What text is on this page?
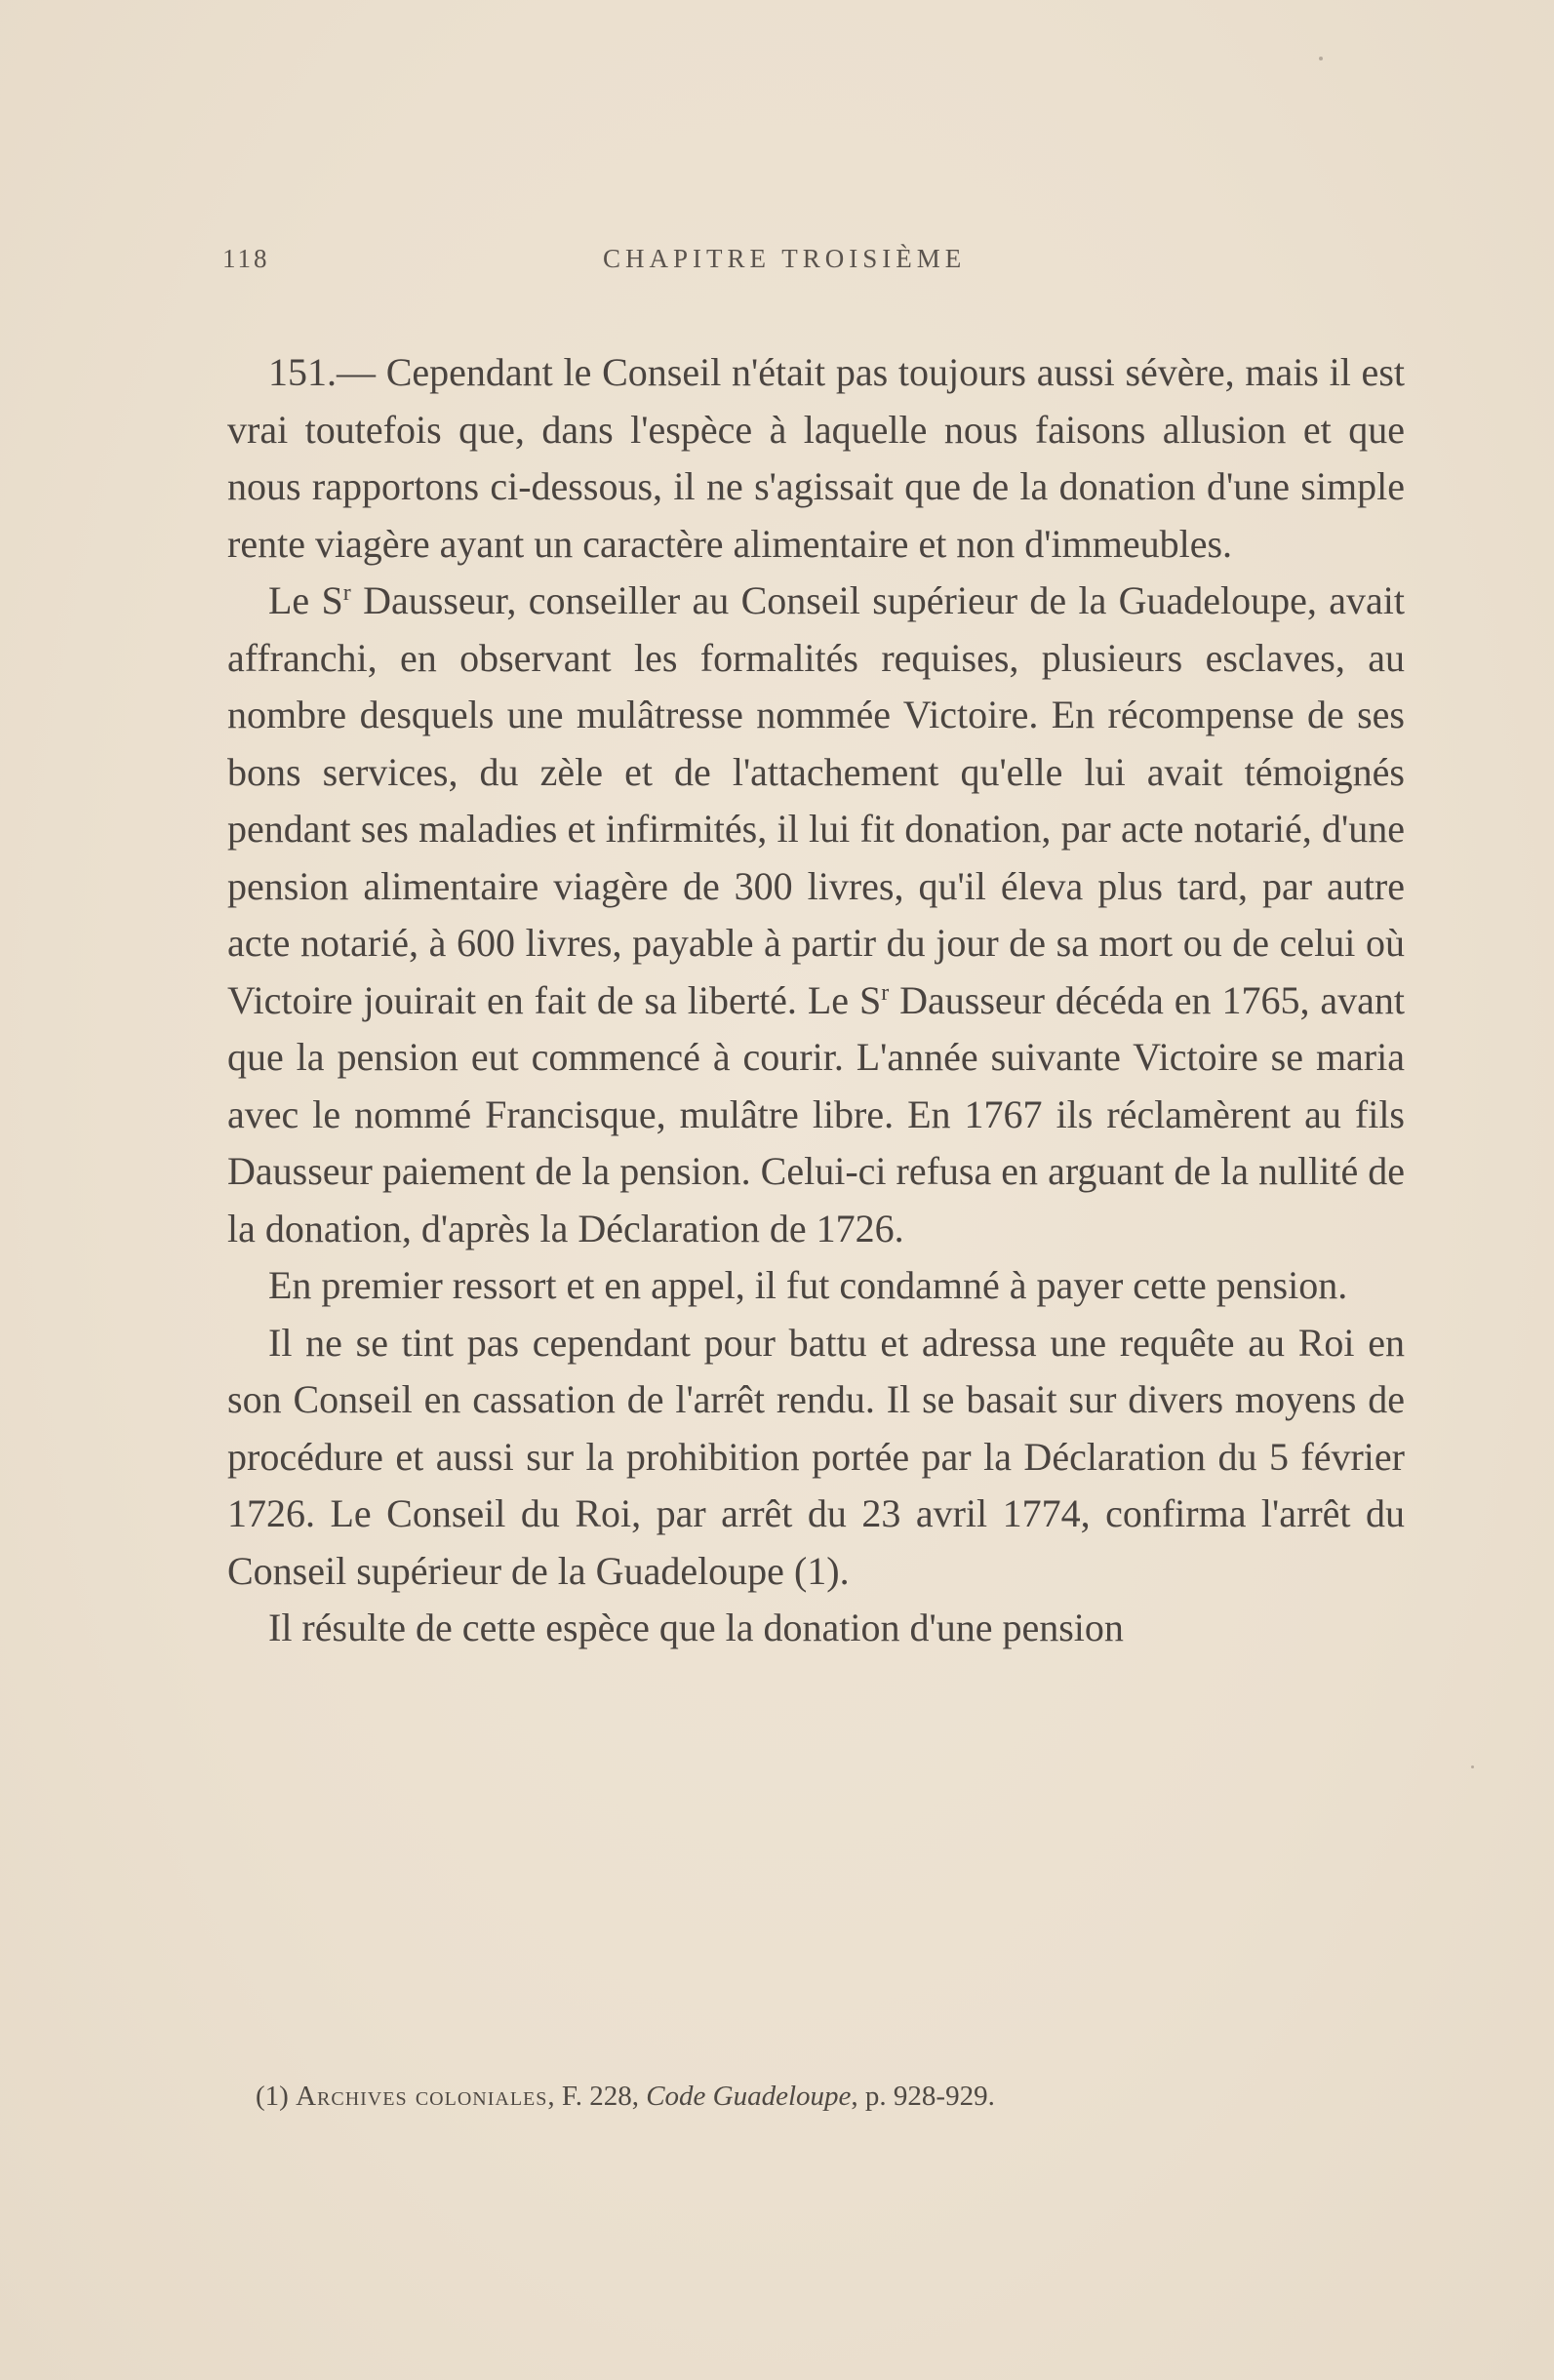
118	CHAPITRE TROISIÈME

151.— Cependant le Conseil n'était pas toujours aussi sévère, mais il est vrai toutefois que, dans l'espèce à laquelle nous faisons allusion et que nous rapportons ci-dessous, il ne s'agissait que de la donation d'une simple rente viagère ayant un caractère alimentaire et non d'immeubles.

Le $S^r$ Dausseur, conseiller au Conseil supérieur de la Guadeloupe, avait affranchi, en observant les formalités requises, plusieurs esclaves, au nombre desquels une mulâtresse nommée Victoire. En récompense de ses bons services, du zèle et de l'attachement qu'elle lui avait témoignés pendant ses maladies et infirmités, il lui fit donation, par acte notarié, d'une pension alimentaire viagère de 300 livres, qu'il éleva plus tard, par autre acte notarié, à 600 livres, payable à partir du jour de sa mort ou de celui où Victoire jouirait en fait de sa liberté. Le $S^r$ Dausseur décéda en 1765, avant que la pension eut commencé à courir. L'année suivante Victoire se maria avec le nommé Francisque, mulâtre libre. En 1767 ils réclamèrent au fils Dausseur paiement de la pension. Celui-ci refusa en arguant de la nullité de la donation, d'après la Déclaration de 1726.

En premier ressort et en appel, il fut condamné à payer cette pension.

Il ne se tint pas cependant pour battu et adressa une requête au Roi en son Conseil en cassation de l'arrêt rendu. Il se basait sur divers moyens de procédure et aussi sur la prohibition portée par la Déclaration du 5 février 1726. Le Conseil du Roi, par arrêt du 23 avril 1774, confirma l'arrêt du Conseil supérieur de la Guadeloupe (1).

Il résulte de cette espèce que la donation d'une pension

(1) Archives coloniales, F. 228, Code Guadeloupe, p. 928-929.
